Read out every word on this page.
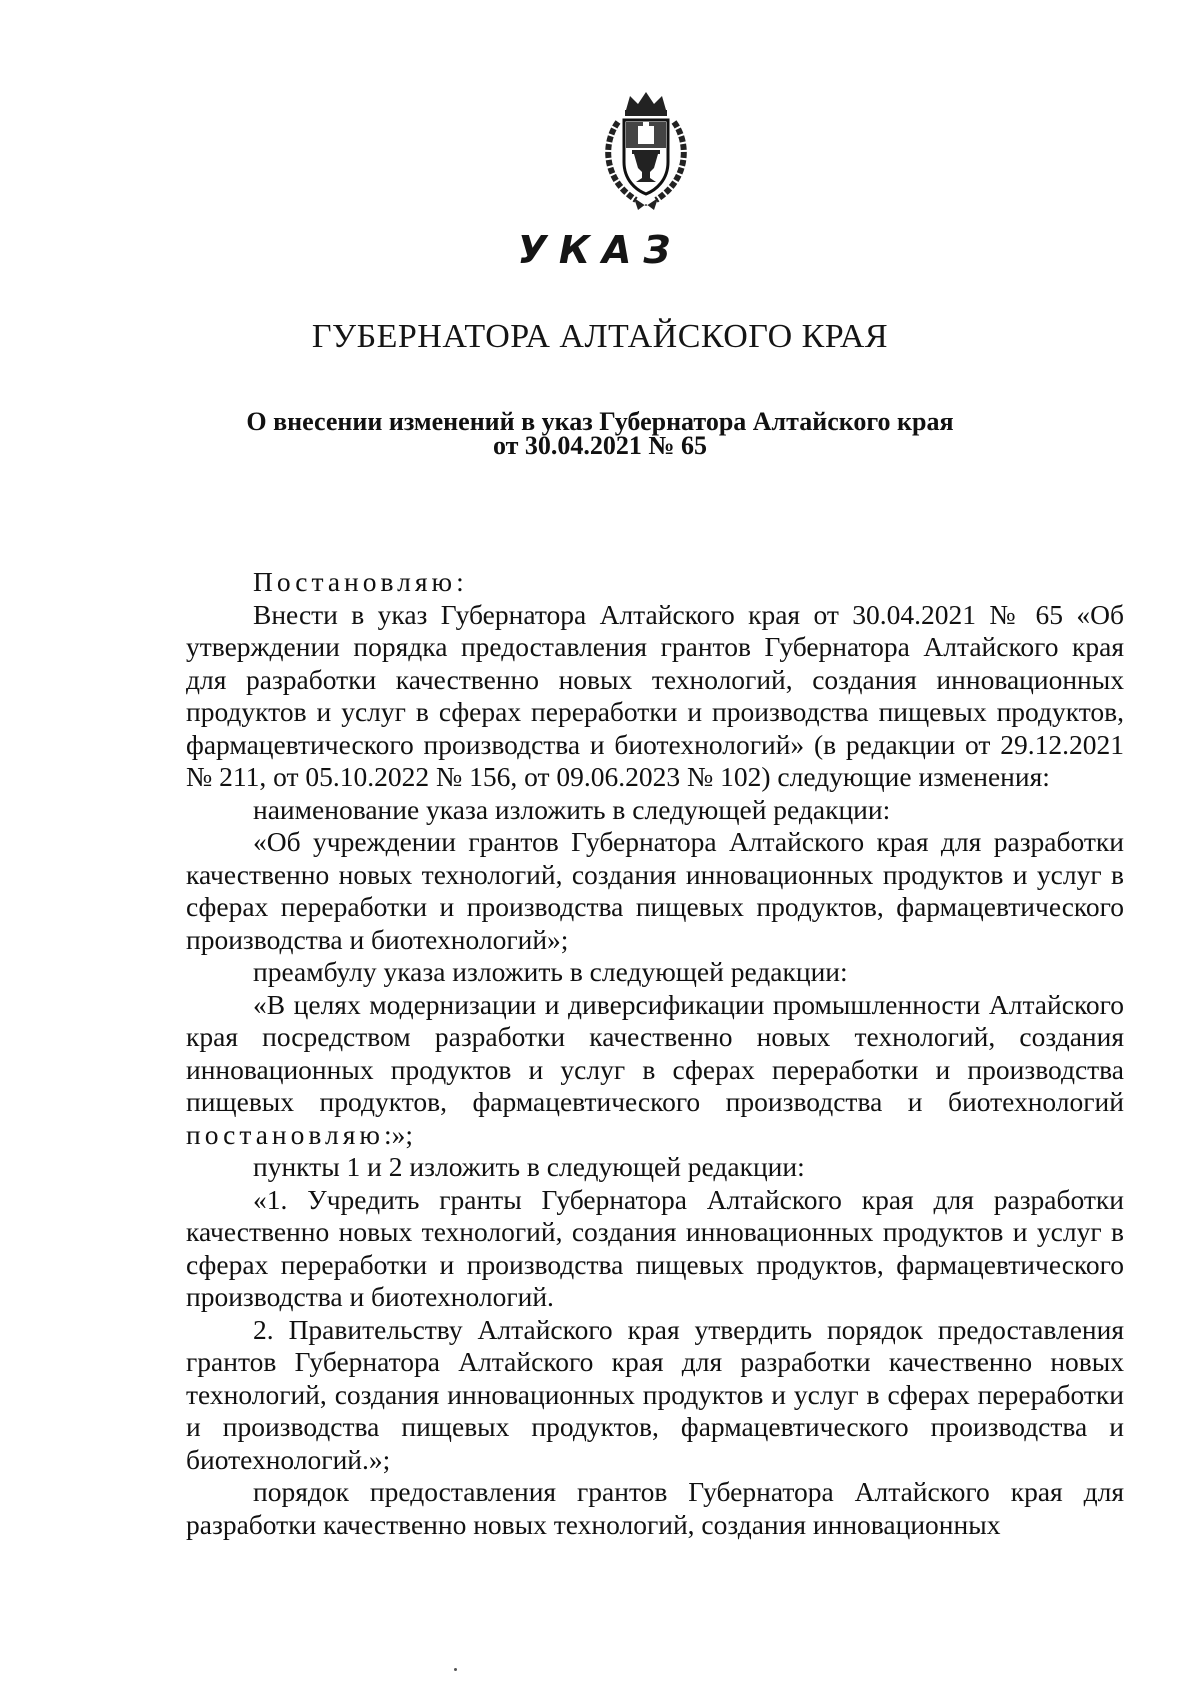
УКАЗ
ГУБЕРНАТОРА АЛТАЙСКОГО КРАЯ
О внесении изменений в указ Губернатора Алтайского края
от 30.04.2021 № 65

Постановляю:

Внести в указ Губернатора Алтайского края от 30.04.2021 № 65 «Об утверждении порядка предоставления грантов Губернатора Алтайского края для разработки качественно новых технологий, создания инновационных продуктов и услуг в сферах переработки и производства пищевых продуктов, фармацевтического производства и биотехнологий» (в редакции от 29.12.2021 № 211, от 05.10.2022 № 156, от 09.06.2023 № 102) следующие изменения:

наименование указа изложить в следующей редакции:

«Об учреждении грантов Губернатора Алтайского края для разработки качественно новых технологий, создания инновационных продуктов и услуг в сферах переработки и производства пищевых продуктов, фармацевтического производства и биотехнологий»;

преамбулу указа изложить в следующей редакции:

«В целях модернизации и диверсификации промышленности Алтайского края посредством разработки качественно новых технологий, создания инновационных продуктов и услуг в сферах переработки и производства пищевых продуктов, фармацевтического производства и биотехнологий постановляю:»;

пункты 1 и 2 изложить в следующей редакции:

«1. Учредить гранты Губернатора Алтайского края для разработки качественно новых технологий, создания инновационных продуктов и услуг в сферах переработки и производства пищевых продуктов, фармацевтического производства и биотехнологий.

2. Правительству Алтайского края утвердить порядок предоставления грантов Губернатора Алтайского края для разработки качественно новых технологий, создания инновационных продуктов и услуг в сферах переработки и производства пищевых продуктов, фармацевтического производства и биотехнологий.»;

порядок предоставления грантов Губернатора Алтайского края для разработки качественно новых технологий, создания инновационных
